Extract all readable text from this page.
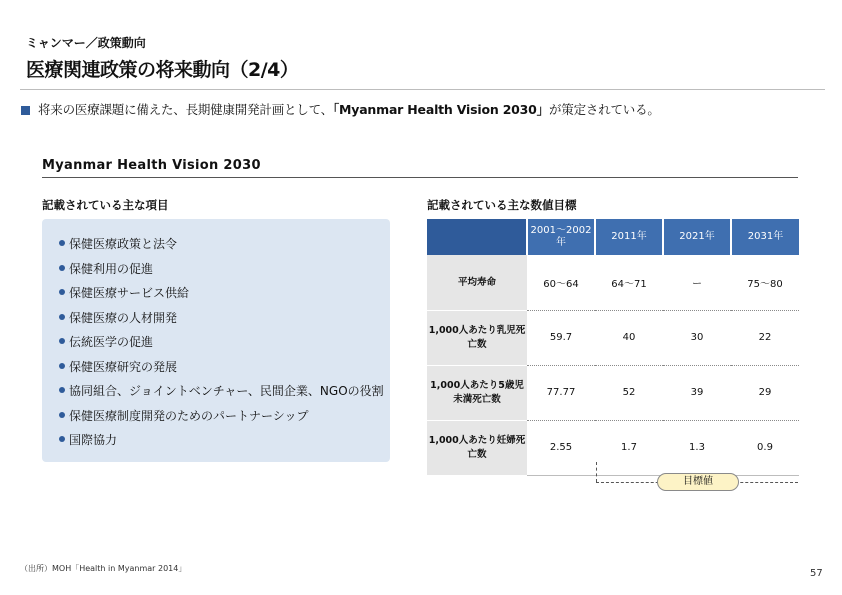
ミャンマー／政策動向
医療関連政策の将来動向（2/4）
将来の医療課題に備えた、長期健康開発計画として、「Myanmar Health Vision 2030」が策定されている。
Myanmar Health Vision 2030
記載されている主な項目	記載されている主な数値目標
保健医療政策と法令
保健利用の促進
保健医療サービス供給
保健医療の人材開発
伝統医学の促進
保健医療研究の発展
協同組合、ジョイントベンチャー、民間企業、NGOの役割
保健医療制度開発のためのパートナーシップ
国際協力
	2001～2002年	2011年	2021年	2031年
平均寿命	60～64	64～71	ー	75～80
1,000人あたり乳児死亡数	59.7	40	30	22
1,000人あたり5歳児未満死亡数	77.77	52	39	29
1,000人あたり妊婦死亡数	2.55	1.7	1.3	0.9
目標値
（出所）MOH「Health in Myanmar 2014」	57
